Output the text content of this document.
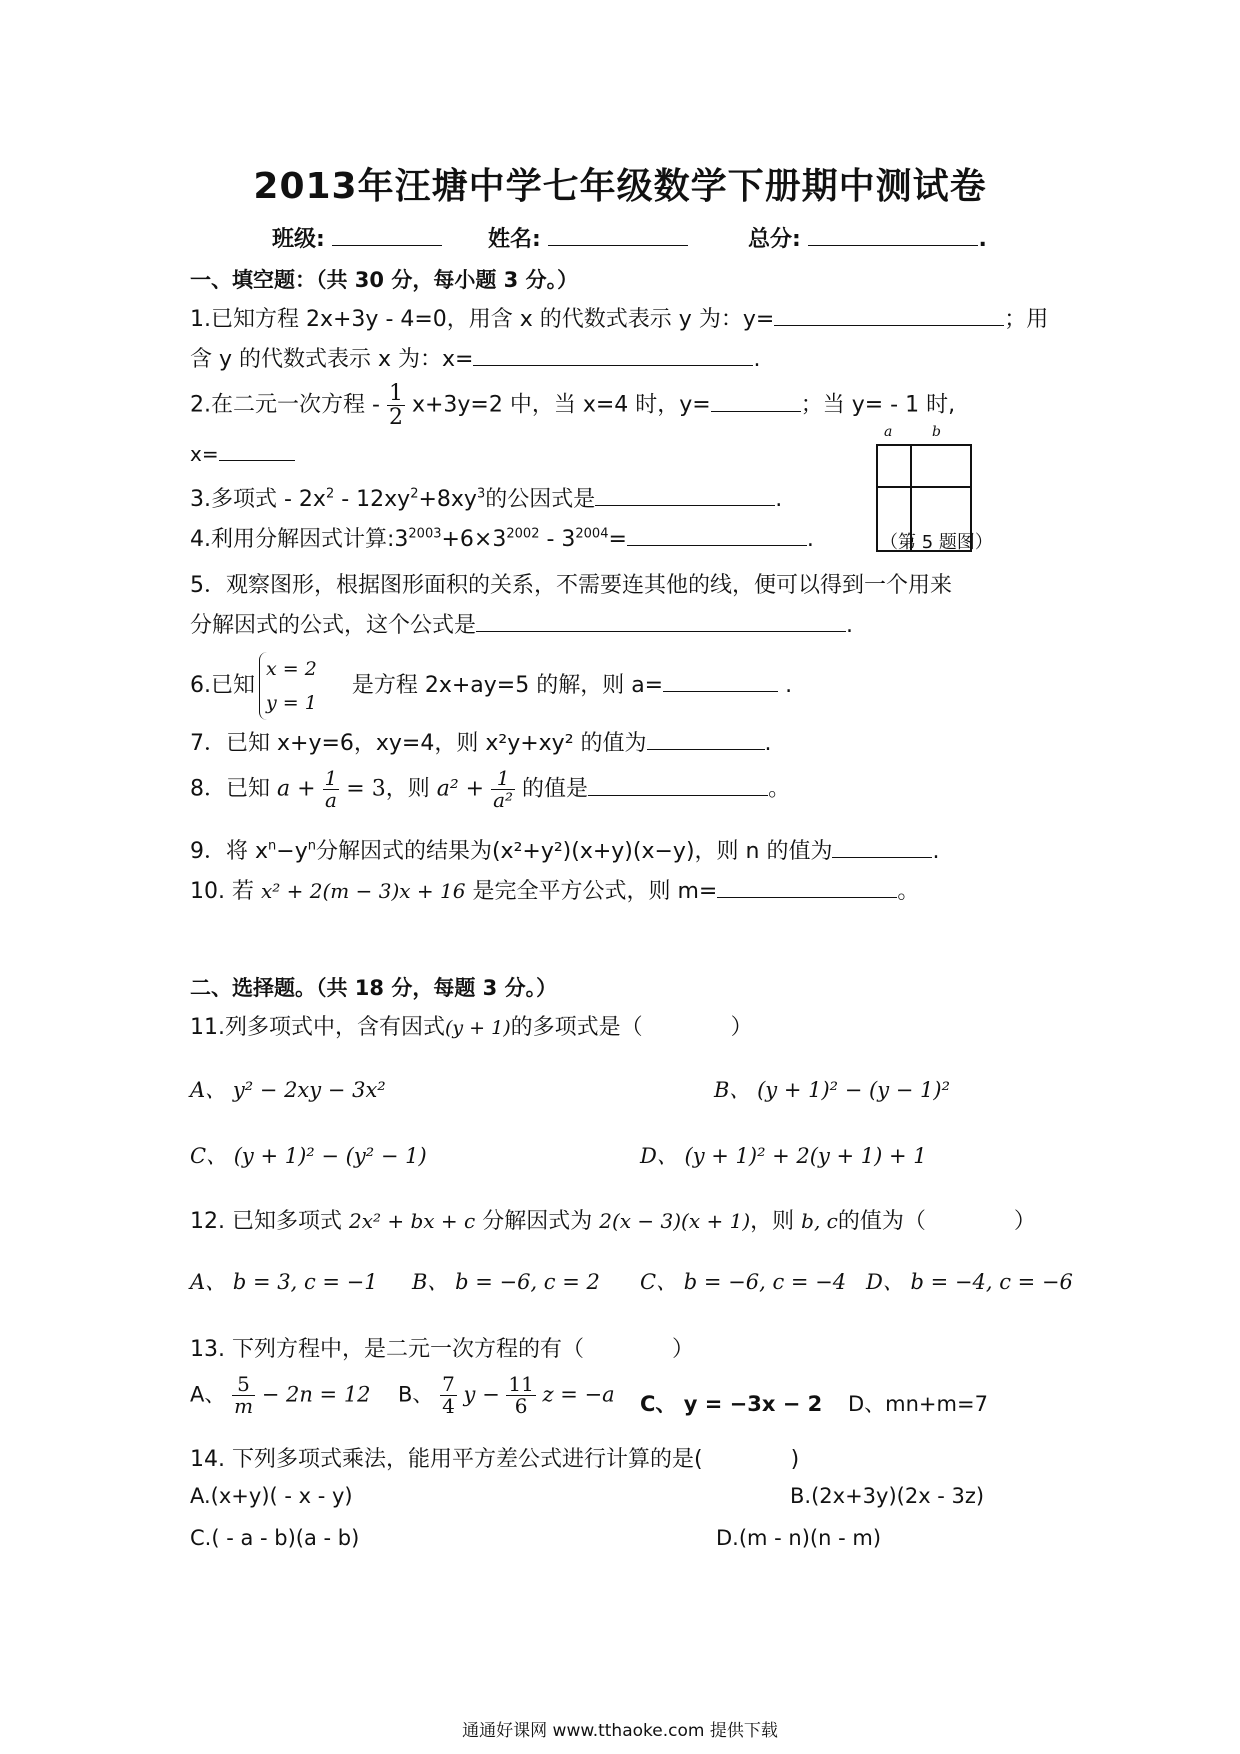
2013年汪塘中学七年级数学下册期中测试卷
班级:	姓名:	总分:	.
一、填空题：（共 30 分，每小题 3 分。）
1.已知方程 2x+3y - 4=0，用含 x 的代数式表示 y 为：y=	；用
含 y 的代数式表示 x 为：x=	.
2.在二元一次方程 - $\frac{1}{2} x+3y=2$ 中，当 x=4 时，y=	；当 y= - 1 时,
x=
a	b
（第 5 题图）
3.多项式 - $2x^2 - 12xy^2+8xy^3$的公因式是	.
4.利用分解因式计算$:3^{2003}+6\times 3^{2002} - 3^{2004}=$	.
5．观察图形，根据图形面积的关系，不需要连其他的线，便可以得到一个用来
分解因式的公式，这个公式是	.
6.已知
x = 2
y = 1
是方程 2x+ay=5 的解，则 a=	.
7．已知 x+y=6，xy=4，则 x²y+xy² 的值为	.
8．已知 $a + \frac{1}{a} = 3$，则 $a^2 + \frac{1}{\text{a²}}$ 的值是	。
9．将 $x^n-y^n$分解因式的结果为(x²+y²)(x+y)(x−y)，则 n 的值为	.
10. 若 x² + 2(m − 3)x + 16 是完全平方公式，则 m=	。
二、选择题。（共 18 分，每题 3 分。）
11.列多项式中，含有因式(y + 1)的多项式是（　　　　）
A、 y² − 2xy − 3x²	B、 (y + 1)² − (y − 1)²
C、 (y + 1)² − (y² − 1)	D、 (y + 1)² + 2(y + 1) + 1
12. 已知多项式 2x² + bx + c 分解因式为 2(x − 3)(x + 1)，则 b, c的值为（　　　　）
A、 b = 3, c = −1 B、 b = −6, c = 2 C、 b = −6, c = −4 D、 b = −4, c = −6
13. 下列方程中，是二元一次方程的有（　　　　）
A、 $\frac{5}{m} - 2n = 12$ B、 $\frac{7}{4}$ $y - \frac{11}{6}$ z = −a C、 y = −3x − 2 D、mn+m=7
14. 下列多项式乘法，能用平方差公式进行计算的是(　　　　)
A.(x+y)( - x - y)	B.(2x+3y)(2x - 3z)
C.( - a - b)(a - b)	D.(m - n)(n - m)
通通好课网 www.tthaoke.com 提供下载
